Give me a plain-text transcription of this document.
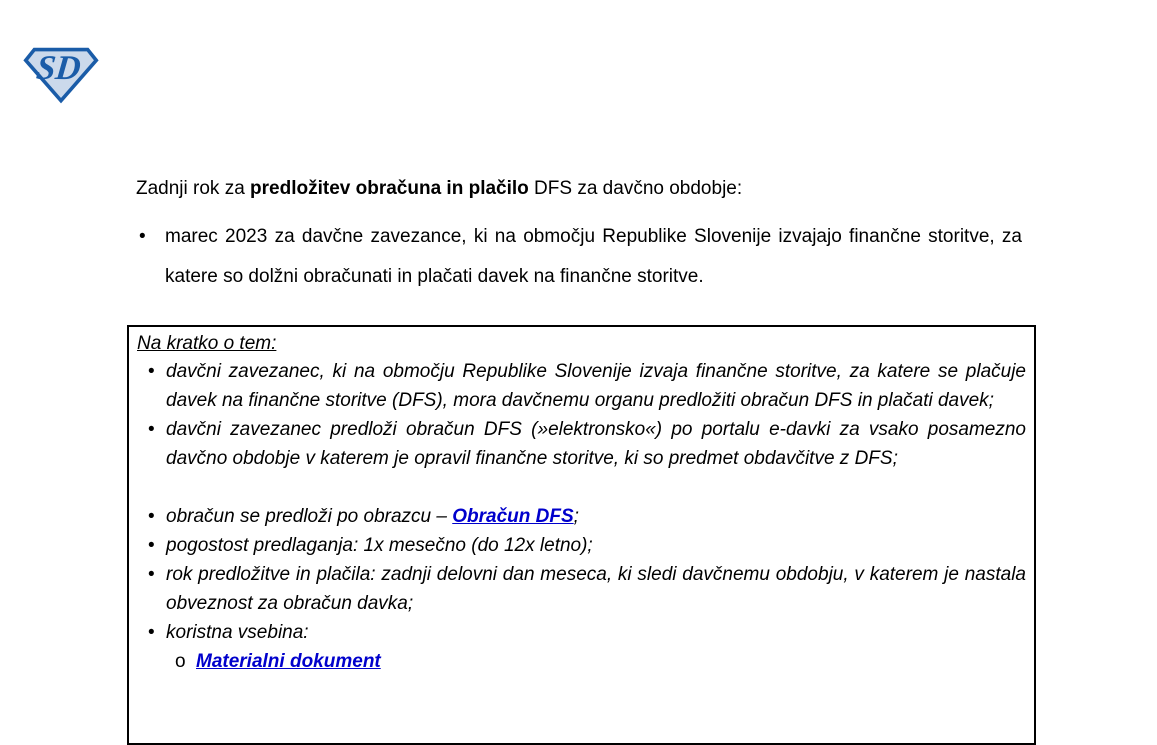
SD

Zadnji rok za predložitev obračuna in plačilo DFS za davčno obdobje:

• marec 2023 za davčne zavezance, ki na območju Republike Slovenije izvajajo finančne storitve, za katere so dolžni obračunati in plačati davek na finančne storitve.
Na kratko o tem:
• davčni zavezanec, ki na območju Republike Slovenije izvaja finančne storitve, za katere se plačuje davek na finančne storitve (DFS), mora davčnemu organu predložiti obračun DFS in plačati davek;
• davčni zavezanec predloži obračun DFS (»elektronsko«) po portalu e-davki za vsako posamezno davčno obdobje v katerem je opravil finančne storitve, ki so predmet obdavčitve z DFS;
• obračun se predloži po obrazcu – Obračun DFS;
• pogostost predlaganja: 1x mesečno (do 12x letno);
• rok predložitve in plačila: zadnji delovni dan meseca, ki sledi davčnemu obdobju, v katerem je nastala obveznost za obračun davka;
• koristna vsebina:
o Materialni dokument
